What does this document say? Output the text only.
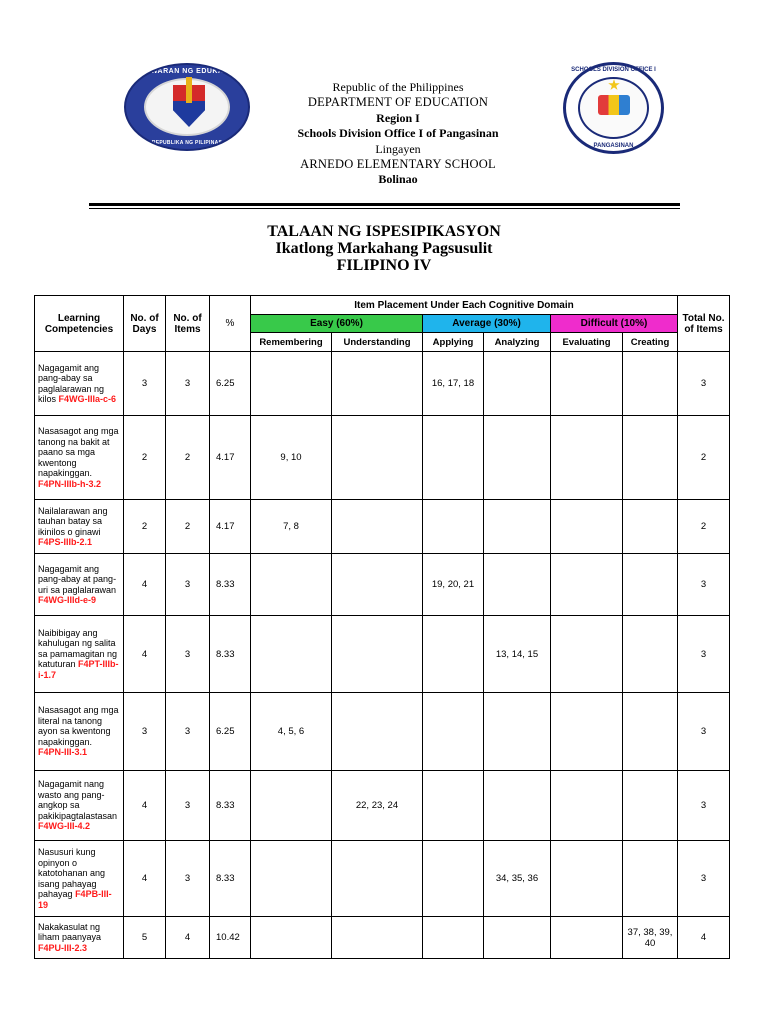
KAGAWARAN NG EDUKASYON
REPUBLIKA NG PILIPINAS
SCHOOLS DIVISION OFFICE I
PANGASINAN
Republic of the Philippines
DEPARTMENT OF EDUCATION
Region I
Schools Division Office I of Pangasinan
Lingayen
ARNEDO ELEMENTARY SCHOOL
Bolinao
TALAAN NG ISPESIPIKASYON
Ikatlong Markahang Pagsusulit
FILIPINO IV
Learning Competencies	No. of Days	No. of Items	%	Item Placement Under Each Cognitive Domain						Total No. of Items
				Easy (60%)		Average (30%)		Difficult (10%)		
				Remembering	Understanding	Applying	Analyzing	Evaluating	Creating	
Nagagamit ang pang-abay sa paglalarawan ng kilos F4WG-IIIa-c-6	3	3	6.25			16, 17, 18				3
Nasasagot ang mga tanong na bakit at paano sa mga kwentong napakinggan. F4PN-IIIb-h-3.2	2	2	4.17	9, 10						2
Nailalarawan ang tauhan batay sa ikinilos o ginawi F4PS-IIIb-2.1	2	2	4.17	7, 8						2
Nagagamit ang pang-abay at pang-uri sa paglalarawan F4WG-IIId-e-9	4	3	8.33			19, 20, 21				3
Naibibigay ang kahulugan ng salita sa pamamagitan ng katuturan F4PT-IIIb-i-1.7	4	3	8.33				13, 14, 15			3
Nasasagot ang mga literal na tanong ayon sa kwentong napakinggan. F4PN-III-3.1	3	3	6.25	4, 5, 6						3
Nagagamit nang wasto ang pang-angkop sa pakikipagtalastasan F4WG-III-4.2	4	3	8.33		22, 23, 24					3
Nasusuri kung opinyon o katotohanan ang isang pahayag pahayag F4PB-III-19	4	3	8.33				34, 35, 36			3
Nakakasulat ng liham paanyaya F4PU-III-2.3	5	4	10.42						37, 38, 39, 40	4
